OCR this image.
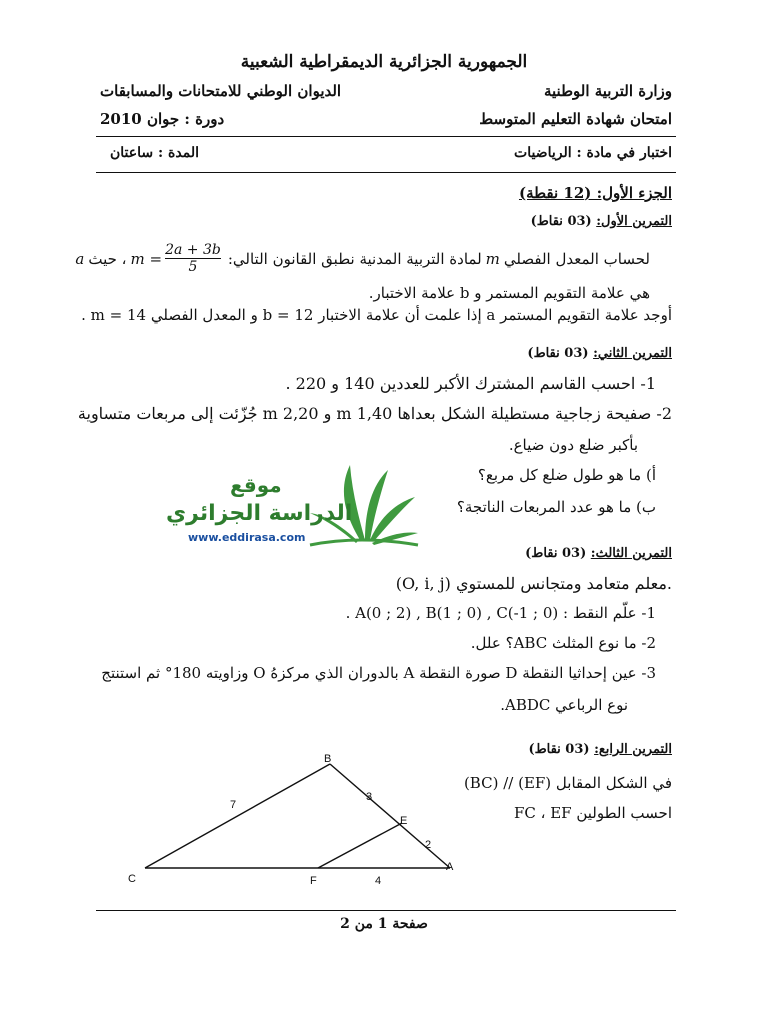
الجمهورية الجزائرية الديمقراطية الشعبية
وزارة التربية الوطنية
الديوان الوطني للامتحانات والمسابقات
امتحان شهادة التعليم المتوسط
دورة : جوان 2010
اختبار في مادة : الرياضيات
المدة : ساعتان
الجزء الأول: (12 نقطة)
التمرين الأول: (03 نقاط)
لحساب المعدل الفصلي
m
لمادة التربية المدنية نطبق القانون التالي:
$m = \frac{2a + 3b}{5}$
، حيث
a
هي علامة التقويم المستمر و b علامة الاختبار.
أوجد علامة التقويم المستمر a إذا علمت أن علامة الاختبار b = 12 و المعدل الفصلي m = 14 .
التمرين الثاني: (03 نقاط)
1- احسب القاسم المشترك الأكبر للعددين 140 و 220 .
2- صفيحة زجاجية مستطيلة الشكل بعداها 1,40 m و 2,20 m جُزّئت إلى مربعات متساوية
بأكبر ضلع دون ضياع.
أ) ما هو طول ضلع كل مربع؟
ب) ما هو عدد المربعات الناتجة؟
موقع
الدراسة الجزائري
www.eddirasa.com
التمرين الثالث: (03 نقاط)
(O, i, j) معلم متعامد ومتجانس للمستوي.
1- علّم النقط : A(0 ; 2) , B(1 ; 0) , C(-1 ; 0) .
2- ما نوع المثلث ABC؟ علل.
3- عين إحداثيا النقطة D صورة النقطة A بالدوران الذي مركزهُ O وزاويته 180° ثم استنتج
نوع الرباعي ABDC.
التمرين الرابع: (03 نقاط)
في الشكل المقابل (EF) // (BC)
احسب الطولين FC ، EF
B
C
E
F
A
7
3
2
4
صفحة 1 من 2
